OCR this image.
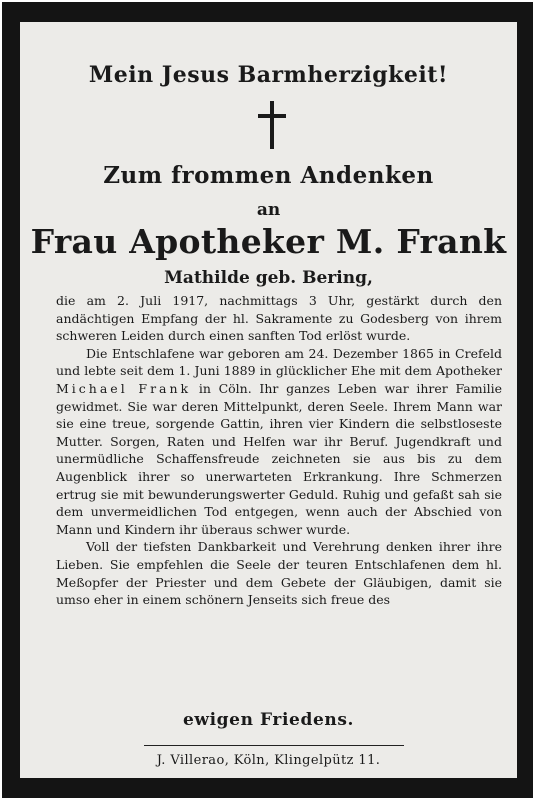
Mein Jesus Barmherzigkeit!
Zum frommen Andenken
an
Frau Apotheker M. Frank
Mathilde geb. Bering,

die am 2. Juli 1917, nachmittags 3 Uhr, gestärkt durch den andächtigen Empfang der hl. Sakramente zu Godesberg von ihrem schweren Leiden durch einen sanften Tod erlöst wurde.

Die Entschlafene war geboren am 24. Dezember 1865 in Crefeld und lebte seit dem 1. Juni 1889 in glücklicher Ehe mit dem Apotheker Michael Frank in Cöln. Ihr ganzes Leben war ihrer Familie gewidmet. Sie war deren Mittelpunkt, deren Seele. Ihrem Mann war sie eine treue, sorgende Gattin, ihren vier Kindern die selbstloseste Mutter. Sorgen, Raten und Helfen war ihr Beruf. Jugendkraft und unermüdliche Schaffensfreude zeichneten sie aus bis zu dem Augenblick ihrer so unerwarteten Erkrankung. Ihre Schmerzen ertrug sie mit bewunderungswerter Geduld. Ruhig und gefaßt sah sie dem unvermeidlichen Tod entgegen, wenn auch der Abschied von Mann und Kindern ihr überaus schwer wurde.

Voll der tiefsten Dankbarkeit und Verehrung denken ihrer ihre Lieben. Sie empfehlen die Seele der teuren Entschlafenen dem hl. Meßopfer der Priester und dem Gebete der Gläubigen, damit sie umso eher in einem schönern Jenseits sich freue des

ewigen Friedens.
J. Villerao, Köln, Klingelpütz 11.
